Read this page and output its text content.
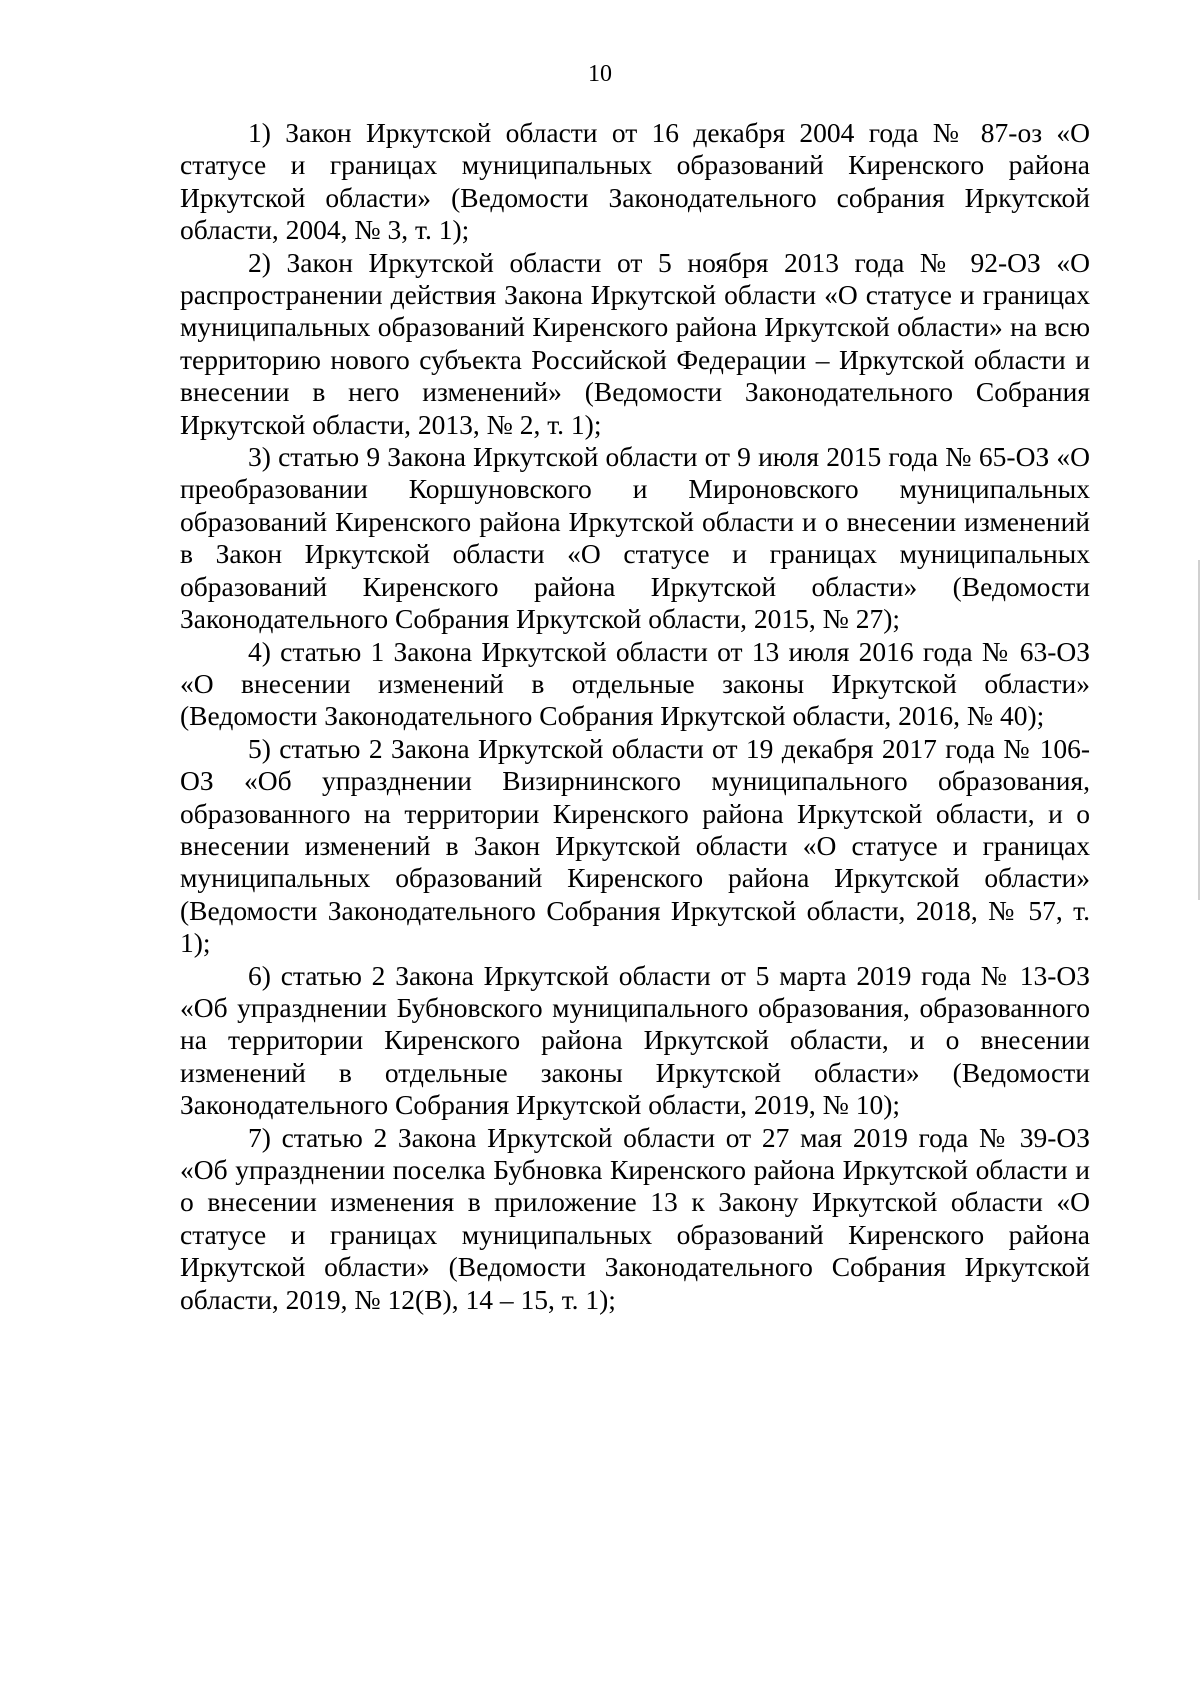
10

1) Закон Иркутской области от 16 декабря 2004 года № 87-оз «О статусе и границах муниципальных образований Киренского района Иркутской области» (Ведомости Законодательного собрания Иркутской области, 2004, № 3, т. 1);

2) Закон Иркутской области от 5 ноября 2013 года № 92-ОЗ «О распространении действия Закона Иркутской области «О статусе и границах муниципальных образований Киренского района Иркутской области» на всю территорию нового субъекта Российской Федерации – Иркутской области и внесении в него изменений» (Ведомости Законодательного Собрания Иркутской области, 2013, № 2, т. 1);

3) статью 9 Закона Иркутской области от 9 июля 2015 года № 65-ОЗ «О преобразовании Коршуновского и Мироновского муниципальных образований Киренского района Иркутской области и о внесении изменений в Закон Иркутской области «О статусе и границах муниципальных образований Киренского района Иркутской области» (Ведомости Законодательного Собрания Иркутской области, 2015, № 27);

4) статью 1 Закона Иркутской области от 13 июля 2016 года № 63-ОЗ «О внесении изменений в отдельные законы Иркутской области» (Ведомости Законодательного Собрания Иркутской области, 2016, № 40);

5) статью 2 Закона Иркутской области от 19 декабря 2017 года № 106-ОЗ «Об упразднении Визирнинского муниципального образования, образованного на территории Киренского района Иркутской области, и о внесении изменений в Закон Иркутской области «О статусе и границах муниципальных образований Киренского района Иркутской области» (Ведомости Законодательного Собрания Иркутской области, 2018, № 57, т. 1);

6) статью 2 Закона Иркутской области от 5 марта 2019 года № 13-ОЗ «Об упразднении Бубновского муниципального образования, образованного на территории Киренского района Иркутской области, и о внесении изменений в отдельные законы Иркутской области» (Ведомости Законодательного Собрания Иркутской области, 2019, № 10);

7) статью 2 Закона Иркутской области от 27 мая 2019 года № 39-ОЗ «Об упразднении поселка Бубновка Киренского района Иркутской области и о внесении изменения в приложение 13 к Закону Иркутской области «О статусе и границах муниципальных образований Киренского района Иркутской области» (Ведомости Законодательного Собрания Иркутской области, 2019, № 12(В), 14 – 15, т. 1);
